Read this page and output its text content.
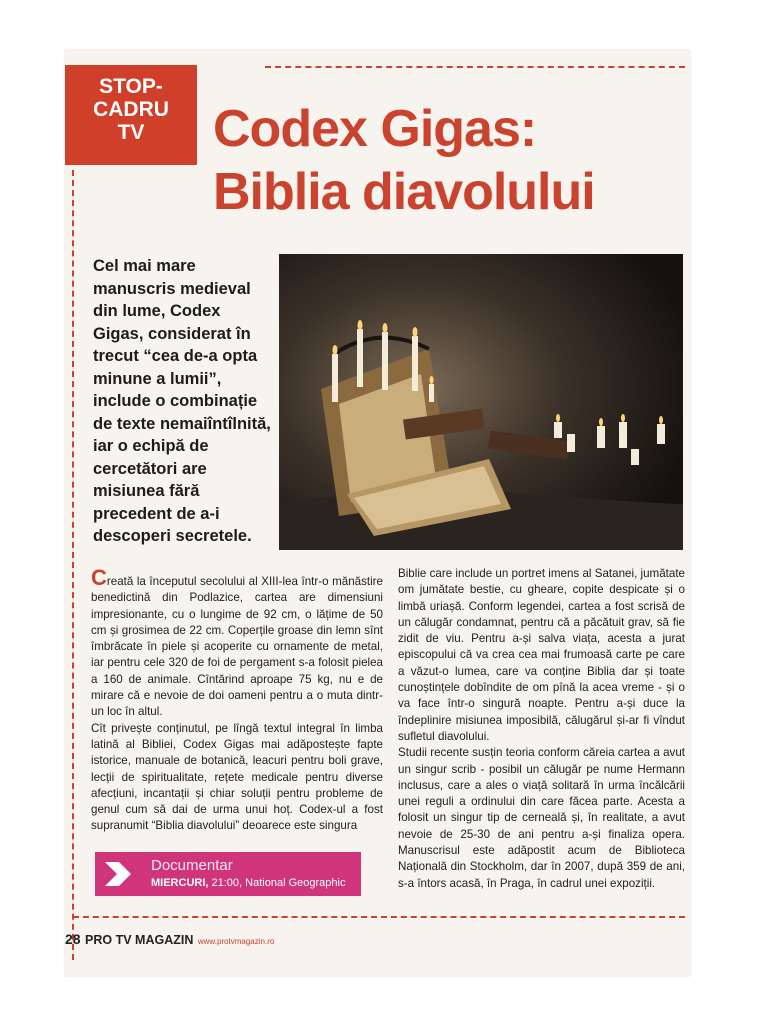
STOP-
CADRU
TV	Codex Gigas:
Biblia diavolului
Cel mai mare manuscris medieval din lume, Codex Gigas, considerat în trecut “cea de-a opta minune a lumii”, include o combinație de texte nemaiîntîlnită, iar o echipă de cercetători are misiunea fără precedent de a-i descoperi secretele.

Creată la începutul secolului al XIII-lea într-o mănăstire benedictină din Podlazice, cartea are dimensiuni impresionante, cu o lungime de 92 cm, o lățime de 50 cm și grosimea de 22 cm. Coperțile groase din lemn sînt îmbrăcate în piele și acoperite cu ornamente de metal, iar pentru cele 320 de foi de pergament s-a folosit pielea a 160 de animale. Cîntărind aproape 75 kg, nu e de mirare că e nevoie de doi oameni pentru a o muta dintr-un loc în altul.

Cît privește conținutul, pe lîngă textul integral în limba latină al Bibliei, Codex Gigas mai adăpostește fapte istorice, manuale de botanică, leacuri pentru boli grave, lecții de spiritualitate, rețete medicale pentru diverse afecțiuni, incantații și chiar soluții pentru probleme de genul cum să dai de urma unui hoț. Codex-ul a fost supranumit “Biblia diavolului” deoarece este singura

Biblie care include un portret imens al Satanei, jumătate om jumătate bestie, cu gheare, copite despicate și o limbă uriașă. Conform legendei, cartea a fost scrisă de un călugăr condamnat, pentru că a păcătuit grav, să fie zidit de viu. Pentru a-și salva viața, acesta a jurat episcopului că va crea cea mai frumoasă carte pe care a văzut-o lumea, care va conține Biblia dar și toate cunoștințele dobîndite de om pînă la acea vreme - și o va face într-o singură noapte. Pentru a-și duce la îndeplinire misiunea imposibilă, călugărul și-ar fi vîndut sufletul diavolului.

Studii recente susțin teoria conform căreia cartea a avut un singur scrib - posibil un călugăr pe nume Hermann inclusus, care a ales o viață solitară în urma încălcării unei reguli a ordinului din care făcea parte. Acesta a folosit un singur tip de cerneală și, în realitate, a avut nevoie de 25-30 de ani pentru a-și finaliza opera. Manuscrisul este adăpostit acum de Biblioteca Națională din Stockholm, dar în 2007, după 359 de ani, s-a întors acasă, în Praga, în cadrul unei expoziții.

Documentar
MIERCURI, 21:00, National Geographic
28 PRO TV MAGAZIN www.protvmagazin.ro
